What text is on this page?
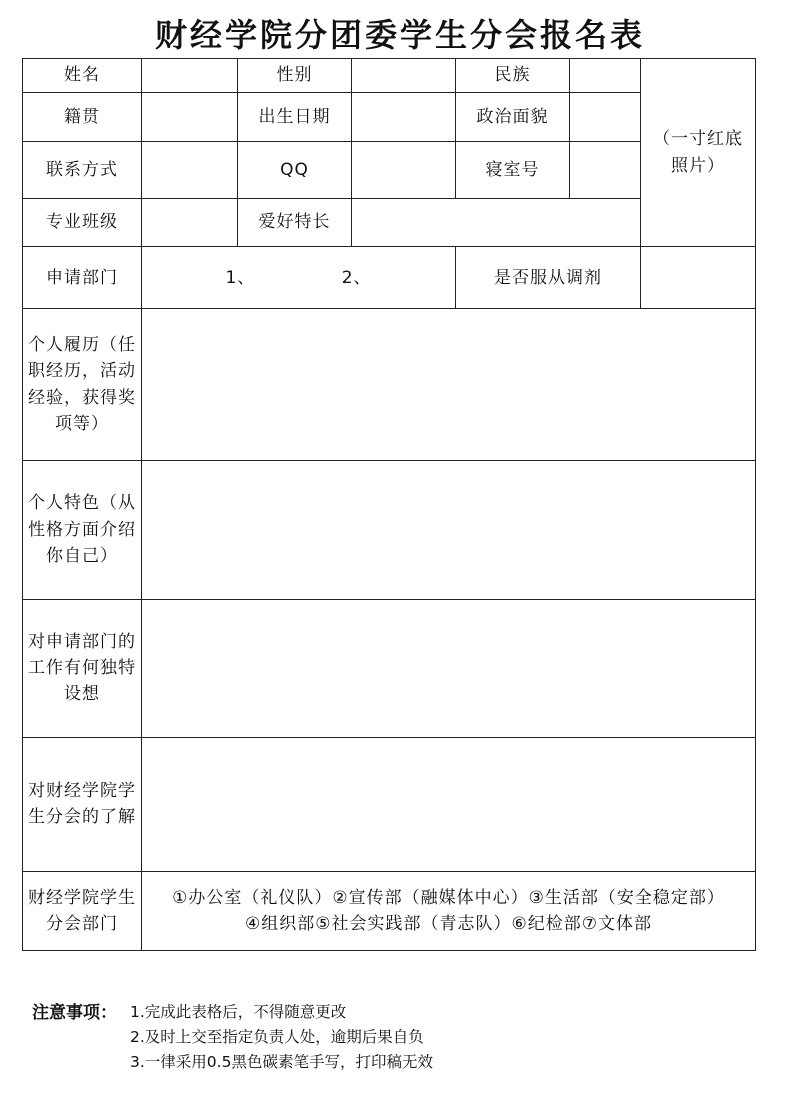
财经学院分团委学生分会报名表
姓名		性别		民族		（一寸红底照片）
籍贯		出生日期		政治面貌		
联系方式		QQ		寝室号		
专业班级		爱好特长				
申请部门	1、 2、			是否服从调剂		
个人履历（任职经历，活动经验，获得奖项等）						
个人特色（从性格方面介绍你自己）						
对申请部门的工作有何独特设想						
对财经学院学生分会的了解						
财经学院学生分会部门	①办公室（礼仪队）②宣传部（融媒体中心）③生活部（安全稳定部）
④组织部⑤社会实践部（青志队）⑥纪检部⑦文体部					
注意事项： 1.完成此表格后，不得随意更改
2.及时上交至指定负责人处，逾期后果自负
3.一律采用0.5黑色碳素笔手写，打印稿无效
